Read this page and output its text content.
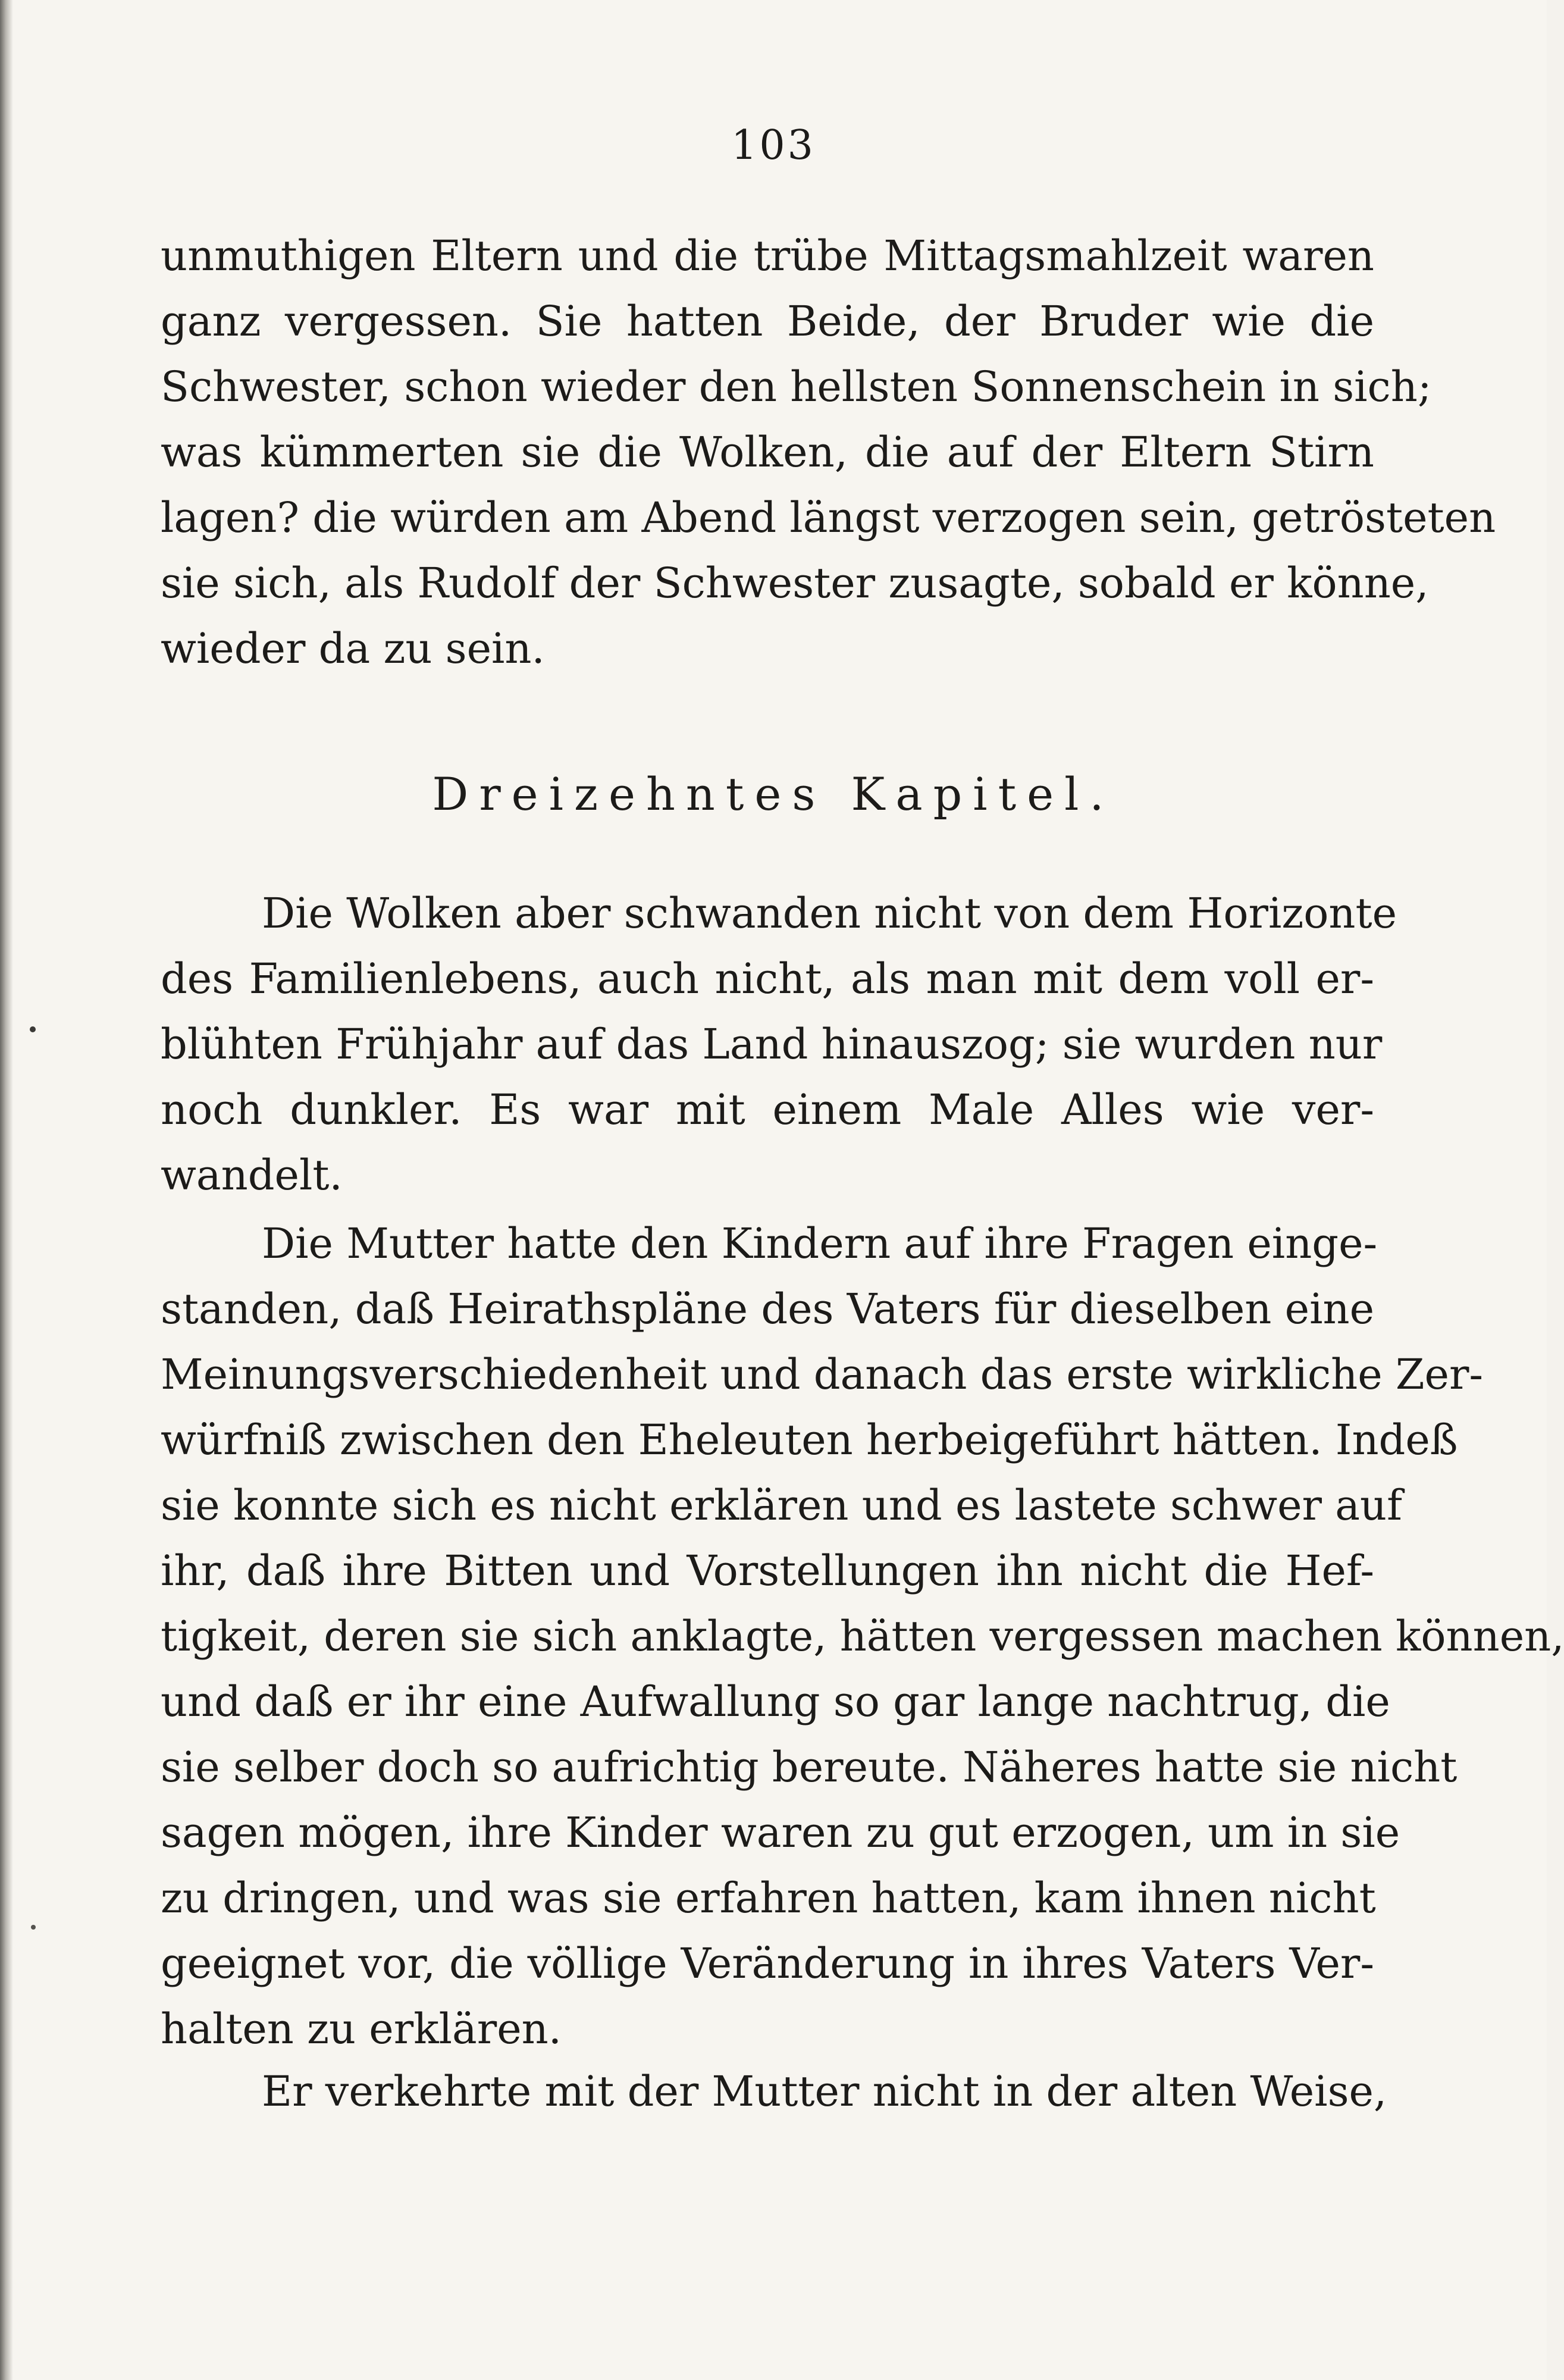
103
unmuthigen Eltern und die trübe Mittagsmahlzeit waren
ganz vergessen. Sie hatten Beide, der Bruder wie die
Schwester, schon wieder den hellsten Sonnenschein in sich;
was kümmerten sie die Wolken, die auf der Eltern Stirn
lagen? die würden am Abend längst verzogen sein, getrösteten
sie sich, als Rudolf der Schwester zusagte, sobald er könne,
wieder da zu sein.
Dreizehntes Kapitel.
Die Wolken aber schwanden nicht von dem Horizonte
des Familienlebens, auch nicht, als man mit dem voll er-
blühten Frühjahr auf das Land hinauszog; sie wurden nur
noch dunkler. Es war mit einem Male Alles wie ver-
wandelt.
Die Mutter hatte den Kindern auf ihre Fragen einge-
standen, daß Heirathspläne des Vaters für dieselben eine
Meinungsverschiedenheit und danach das erste wirkliche Zer-
würfniß zwischen den Eheleuten herbeigeführt hätten. Indeß
sie konnte sich es nicht erklären und es lastete schwer auf
ihr, daß ihre Bitten und Vorstellungen ihn nicht die Hef-
tigkeit, deren sie sich anklagte, hätten vergessen machen können,
und daß er ihr eine Aufwallung so gar lange nachtrug, die
sie selber doch so aufrichtig bereute. Näheres hatte sie nicht
sagen mögen, ihre Kinder waren zu gut erzogen, um in sie
zu dringen, und was sie erfahren hatten, kam ihnen nicht
geeignet vor, die völlige Veränderung in ihres Vaters Ver-
halten zu erklären.
Er verkehrte mit der Mutter nicht in der alten Weise,
